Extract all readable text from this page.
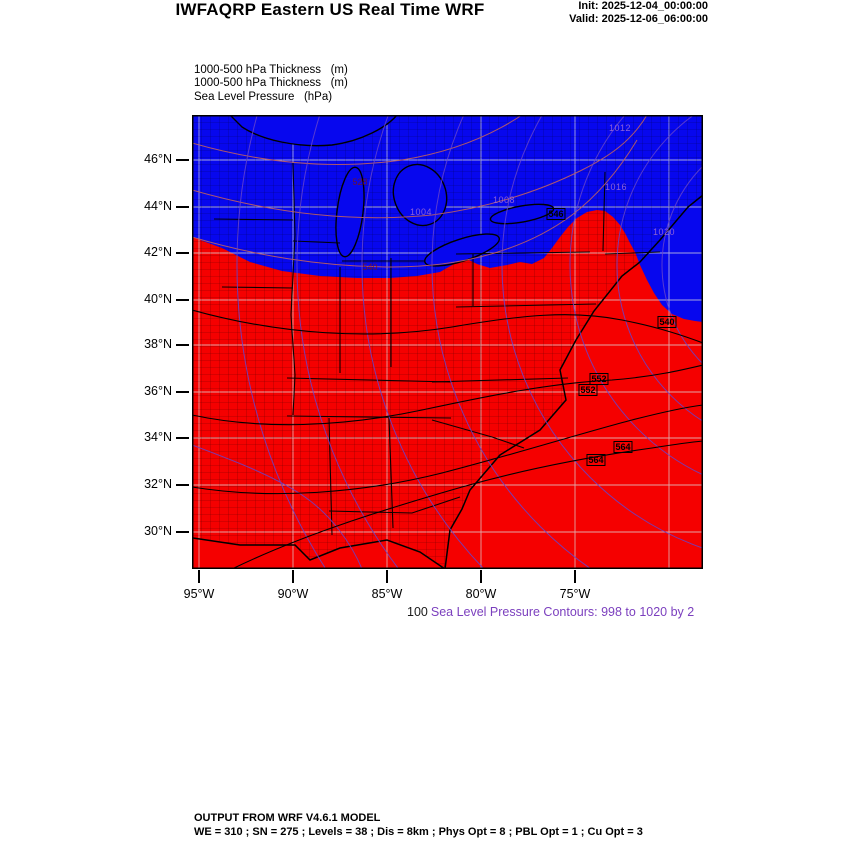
IWFAQRP Eastern US Real Time WRF	Init: 2025-12-04_00:00:00
Valid: 2025-12-06_06:00:00
1000-500 hPa Thickness   (m)
1000-500 hPa Thickness   (m)
Sea Level Pressure   (hPa)
1012
1016
1020
1008
1004
528
540
546
540
552
552
564
564
46°N
44°N
42°N
40°N
38°N
36°N
34°N
32°N
30°N
95°W	90°W	85°W	80°W	75°W
100 Sea Level Pressure Contours: 998 to 1020 by 2
OUTPUT FROM WRF V4.6.1 MODEL
WE = 310 ; SN = 275 ; Levels = 38 ; Dis = 8km ; Phys Opt = 8 ; PBL Opt = 1 ; Cu Opt = 3
